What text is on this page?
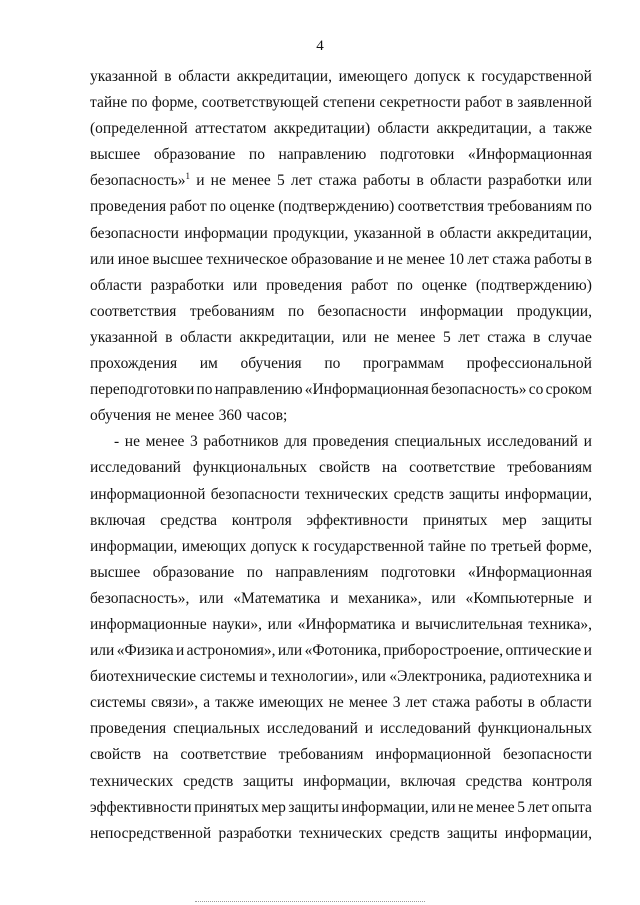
4
указанной в области аккредитации, имеющего допуск к государственной
тайне по форме, соответствующей степени секретности работ в заявленной
(определенной аттестатом аккредитации) области аккредитации, а также
высшее образование по направлению подготовки «Информационная
безопасность»$^1$ и не менее 5 лет стажа работы в области разработки или
проведения работ по оценке (подтверждению) соответствия требованиям по
безопасности информации продукции, указанной в области аккредитации,
или иное высшее техническое образование и не менее 10 лет стажа работы в
области разработки или проведения работ по оценке (подтверждению)
соответствия требованиям по безопасности информации продукции,
указанной в области аккредитации, или не менее 5 лет стажа в случае
прохождения им обучения по программам профессиональной
переподготовки по направлению «Информационная безопасность» со сроком
обучения не менее 360 часов;
- не менее 3 работников для проведения специальных исследований и
исследований функциональных свойств на соответствие требованиям
информационной безопасности технических средств защиты информации,
включая средства контроля эффективности принятых мер защиты
информации, имеющих допуск к государственной тайне по третьей форме,
высшее образование по направлениям подготовки «Информационная
безопасность», или «Математика и механика», или «Компьютерные и
информационные науки», или «Информатика и вычислительная техника»,
или «Физика и астрономия», или «Фотоника, приборостроение, оптические и
биотехнические системы и технологии», или «Электроника, радиотехника и
системы связи», а также имеющих не менее 3 лет стажа работы в области
проведения специальных исследований и исследований функциональных
свойств на соответствие требованиям информационной безопасности
технических средств защиты информации, включая средства контроля
эффективности принятых мер защиты информации, или не менее 5 лет опыта
непосредственной разработки технических средств защиты информации,
